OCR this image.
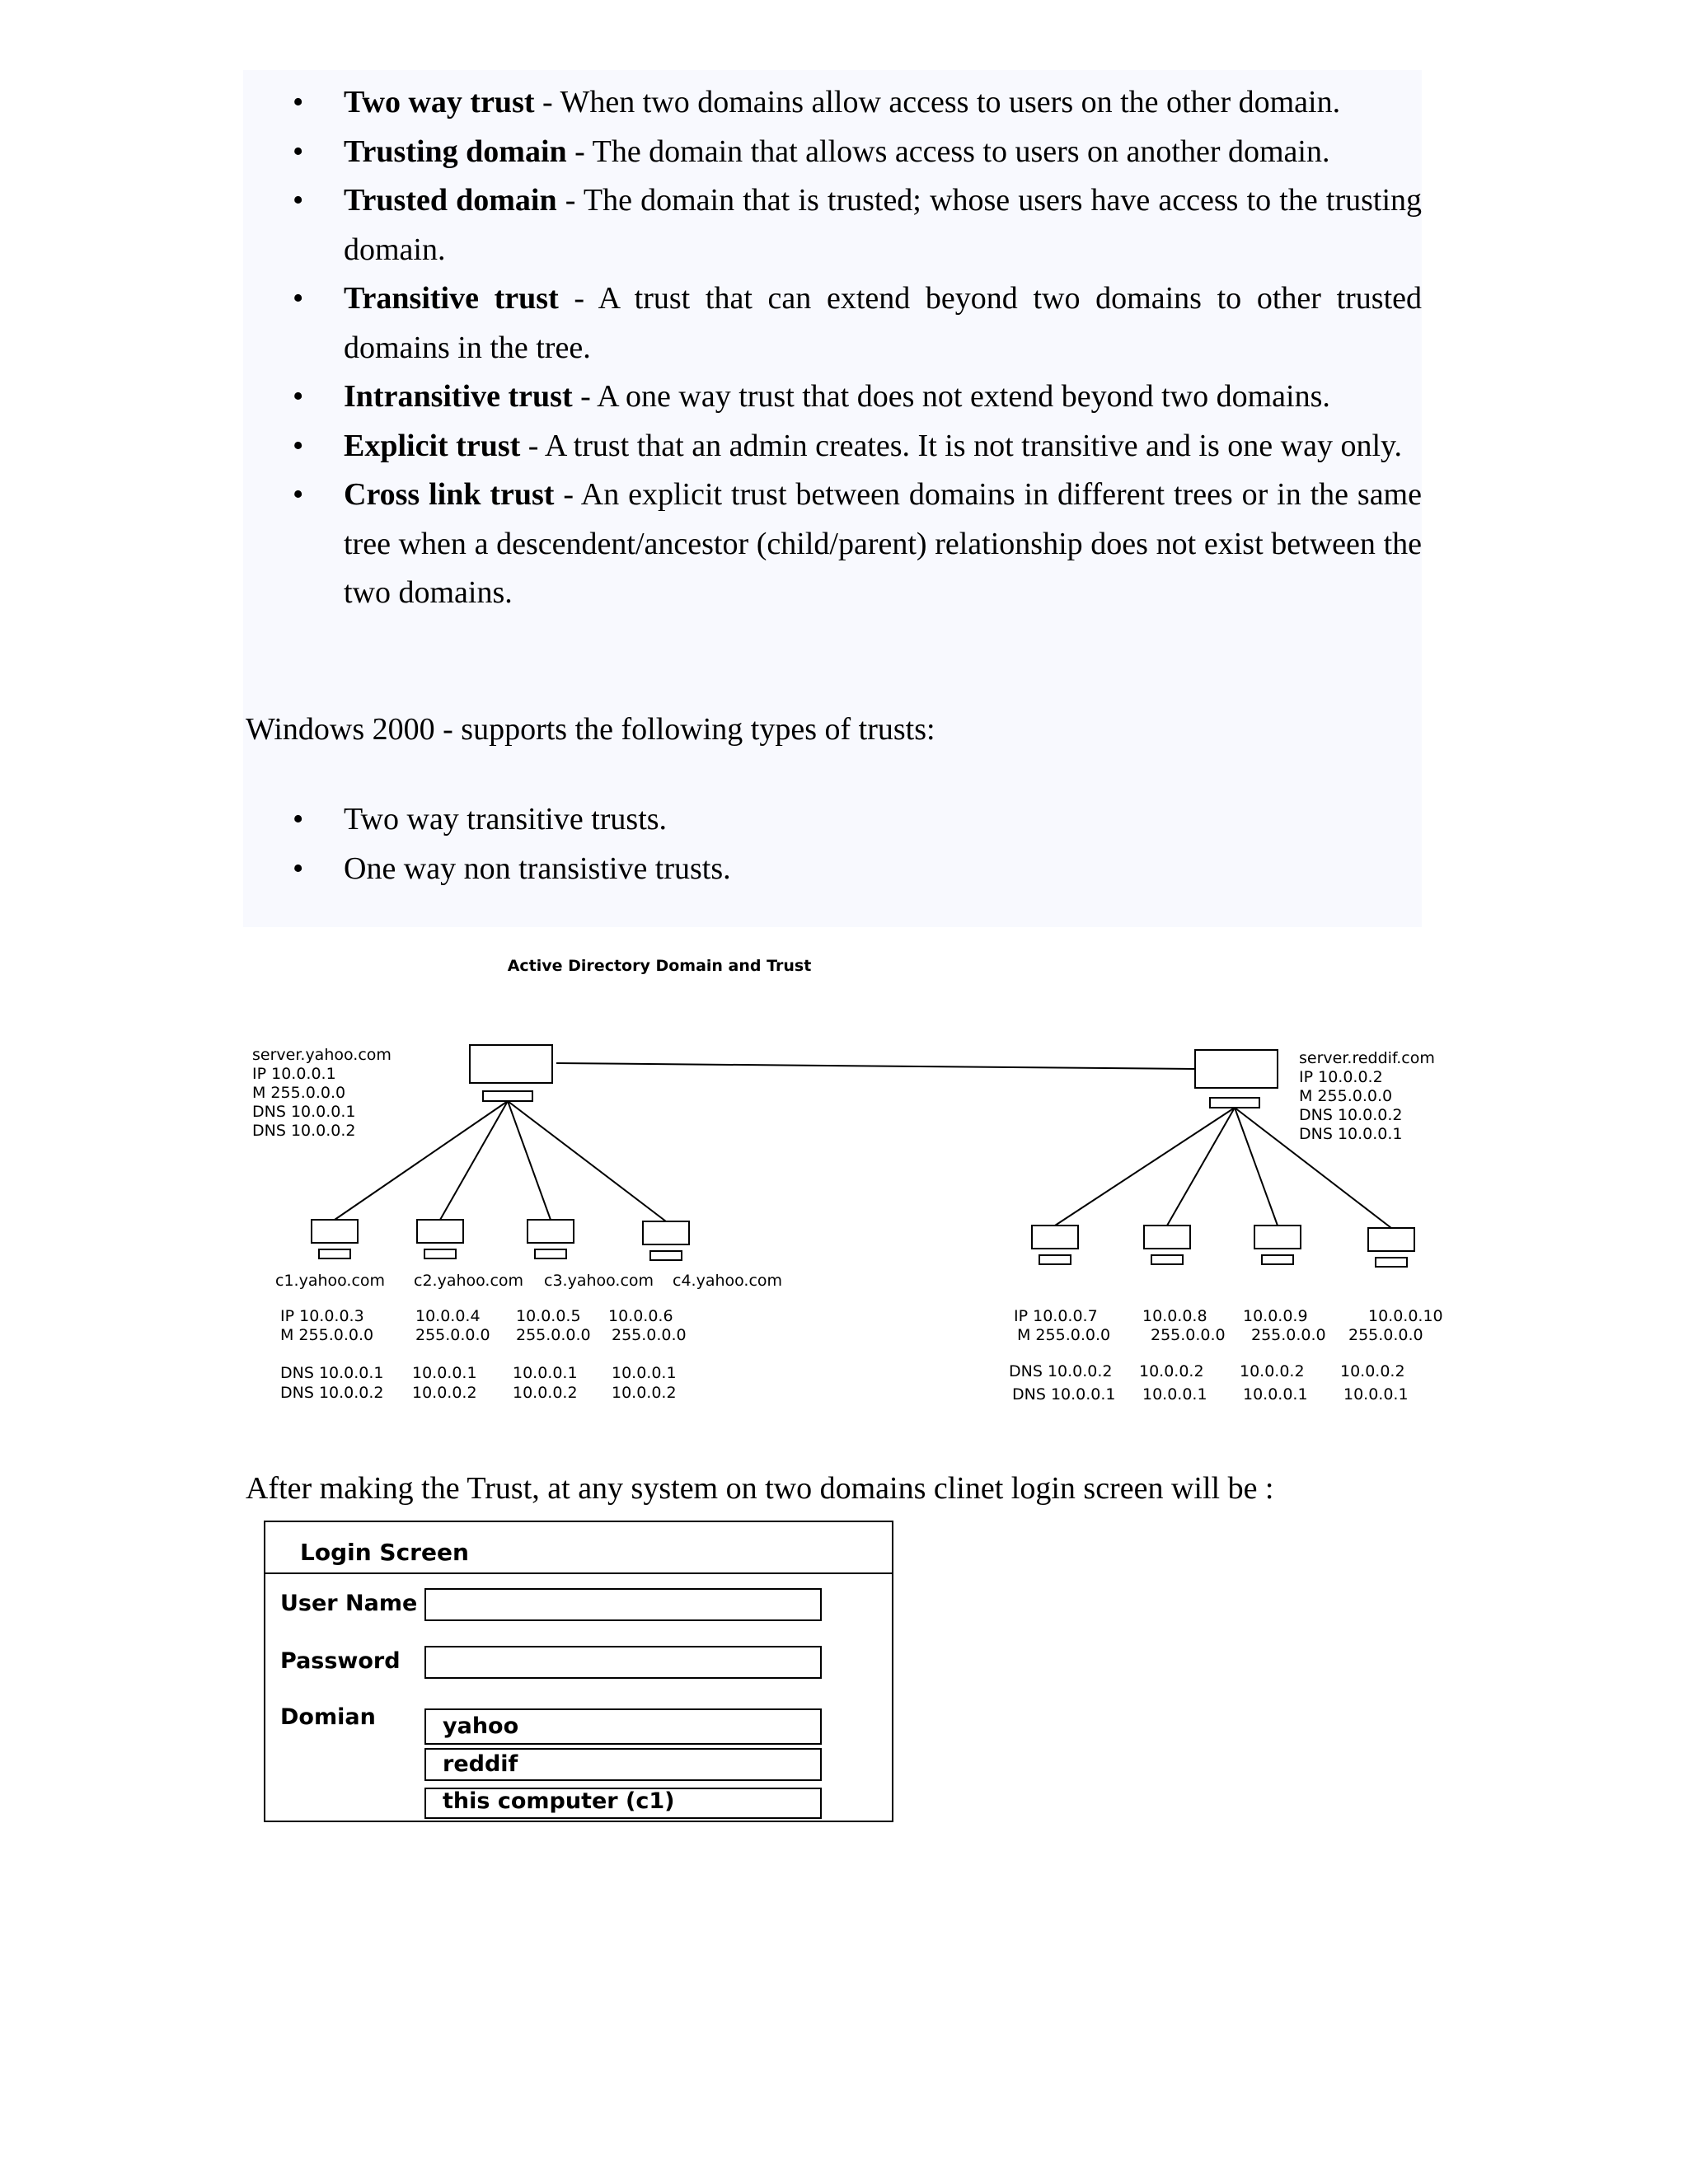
• Two way trust - When two domains allow access to users on the other domain.
• Trusting domain - The domain that allows access to users on another domain.
• Trusted domain - The domain that is trusted; whose users have access to the trusting domain.
• Transitive trust - A trust that can extend beyond two domains to other trusted domains in the tree.
• Intransitive trust - A one way trust that does not extend beyond two domains.
• Explicit trust - A trust that an admin creates. It is not transitive and is one way only.
• Cross link trust - An explicit trust between domains in different trees or in the same tree when a descendent/ancestor (child/parent) relationship does not exist between the two domains.
Windows 2000 - supports the following types of trusts:
• Two way transitive trusts.
• One way non transistive trusts.
Active Directory Domain and Trust
server.yahoo.com
IP 10.0.0.1
M 255.0.0.0
DNS 10.0.0.1
DNS 10.0.0.2
server.reddif.com
IP 10.0.0.2
M 255.0.0.0
DNS 10.0.0.2
DNS 10.0.0.1
c1.yahoo.com c2.yahoo.com c3.yahoo.com c4.yahoo.com
IP 10.0.0.3	10.0.0.4 10.0.0.5 10.0.0.6
M 255.0.0.0	255.0.0.0 255.0.0.0 255.0.0.0
DNS 10.0.0.1 10.0.0.1 10.0.0.1 10.0.0.1
DNS 10.0.0.2 10.0.0.2 10.0.0.2 10.0.0.2
IP 10.0.0.7	10.0.0.8 10.0.0.9	10.0.0.10
M 255.0.0.0	255.0.0.0 255.0.0.0 255.0.0.0
DNS 10.0.0.2 10.0.0.2 10.0.0.2 10.0.0.2
DNS 10.0.0.1 10.0.0.1 10.0.0.1 10.0.0.1
After making the Trust, at any system on two domains clinet login screen will be :
Login Screen
User Name
Password
Domian	yahoo
reddif
this computer (c1)
